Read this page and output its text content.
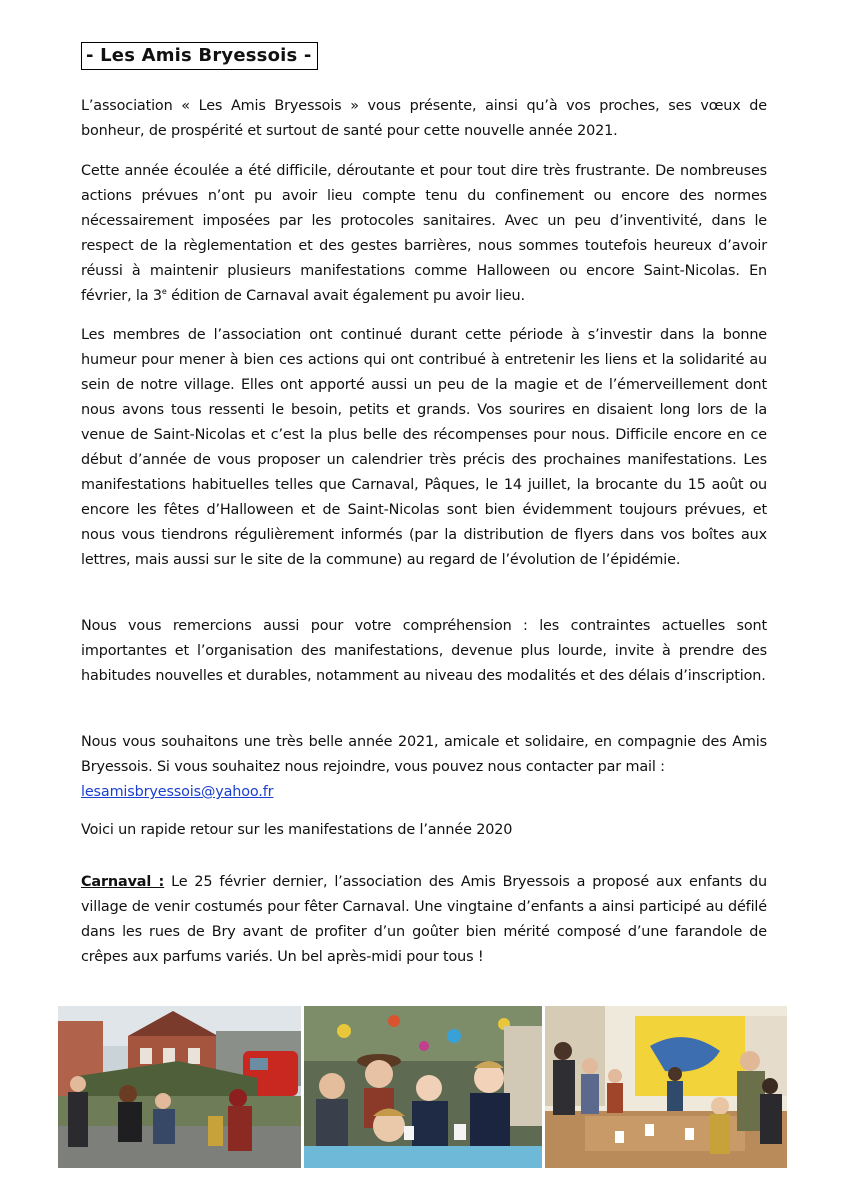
- Les Amis Bryessois -

L’association « Les Amis Bryessois » vous présente, ainsi qu’à vos proches, ses vœux de bonheur, de prospérité et surtout de santé pour cette nouvelle année 2021.

Cette année écoulée a été difficile, déroutante et pour tout dire très frustrante. De nombreuses actions prévues n’ont pu avoir lieu compte tenu du confinement ou encore des normes nécessairement imposées par les protocoles sanitaires. Avec un peu d’inventivité, dans le respect de la règlementation et des gestes barrières, nous sommes toutefois heureux d’avoir réussi à maintenir plusieurs manifestations comme Halloween ou encore Saint-Nicolas. En février, la 3e édition de Carnaval avait également pu avoir lieu.

Les membres de l’association ont continué durant cette période à s’investir dans la bonne humeur pour mener à bien ces actions qui ont contribué à entretenir les liens et la solidarité au sein de notre village. Elles ont apporté aussi un peu de la magie et de l’émerveillement dont nous avons tous ressenti le besoin, petits et grands. Vos sourires en disaient long lors de la venue de Saint-Nicolas et c’est la plus belle des récompenses pour nous. Difficile encore en ce début d’année de vous proposer un calendrier très précis des prochaines manifestations. Les manifestations habituelles telles que Carnaval, Pâques, le 14 juillet, la brocante du 15 août ou encore les fêtes d’Halloween et de Saint-Nicolas sont bien évidemment toujours prévues, et nous vous tiendrons régulièrement informés (par la distribution de flyers dans vos boîtes aux lettres, mais aussi sur le site de la commune) au regard de l’évolution de l’épidémie.

Nous vous remercions aussi pour votre compréhension : les contraintes actuelles sont importantes et l’organisation des manifestations, devenue plus lourde, invite à prendre des habitudes nouvelles et durables, notamment au niveau des modalités et des délais d’inscription.

Nous vous souhaitons une très belle année 2021, amicale et solidaire, en compagnie des Amis Bryessois. Si vous souhaitez nous rejoindre, vous pouvez nous contacter par mail :
lesamisbryessois@yahoo.fr

Voici un rapide retour sur les manifestations de l’année 2020

Carnaval : Le 25 février dernier, l’association des Amis Bryessois a proposé aux enfants du village de venir costumés pour fêter Carnaval. Une vingtaine d’enfants a ainsi participé au défilé dans les rues de Bry avant de profiter d’un goûter bien mérité composé d’une farandole de crêpes aux parfums variés. Un bel après-midi pour tous !
